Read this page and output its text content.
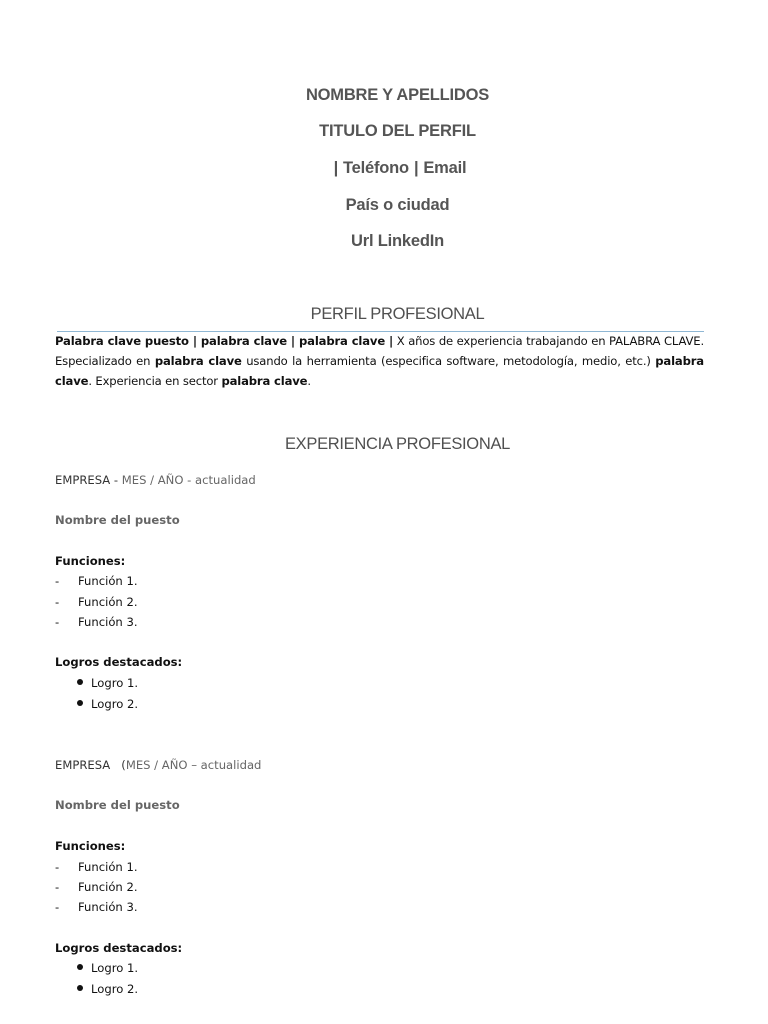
NOMBRE Y APELLIDOS
TITULO DEL PERFIL
| Teléfono | Email
País o ciudad
Url LinkedIn
PERFIL PROFESIONAL
Palabra clave puesto | palabra clave | palabra clave | X años de experiencia trabajando en PALABRA CLAVE. Especializado en palabra clave usando la herramienta (especifica software, metodología, medio, etc.) palabra clave. Experiencia en sector palabra clave.
EXPERIENCIA PROFESIONAL
EMPRESA - MES / AÑO - actualidad
Nombre del puesto
Funciones:
- Función 1.
- Función 2.
- Función 3.
Logros destacados:
Logro 1.
Logro 2.
EMPRESA   (MES / AÑO – actualidad
Nombre del puesto
Funciones:
- Función 1.
- Función 2.
- Función 3.
Logros destacados:
Logro 1.
Logro 2.
